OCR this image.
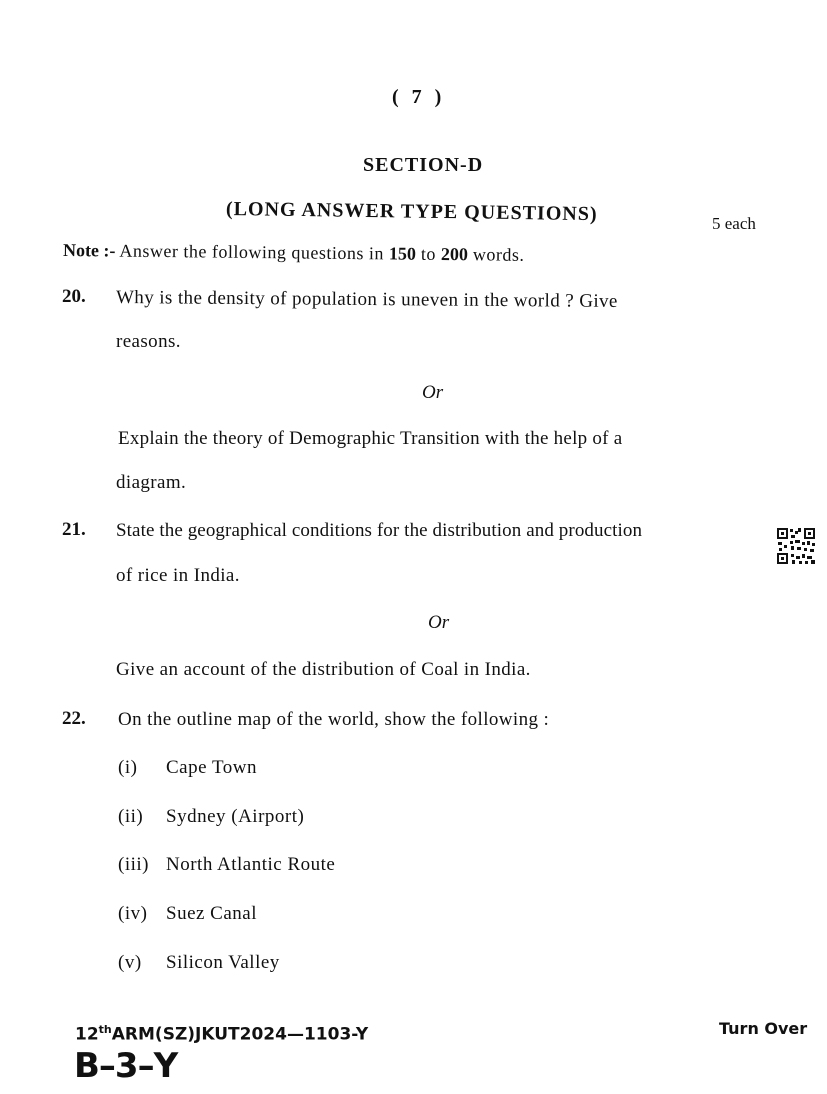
( 7 )
SECTION-D
(LONG ANSWER TYPE QUESTIONS)	5 each
Note :- Answer the following questions in 150 to 200 words.
20. Why is the density of population is uneven in the world ? Give
reasons.
Or
Explain the theory of Demographic Transition with the help of a
diagram.
21. State the geographical conditions for the distribution and production
of rice in India.
Or
Give an account of the distribution of Coal in India.
22. On the outline map of the world, show the following :
(i) Cape Town
(ii) Sydney (Airport)
(iii) North Atlantic Route
(iv) Suez Canal
(v) Silicon Valley
12thARM(SZ)JKUT2024—1103-Y
B–3–Y
Turn Over
